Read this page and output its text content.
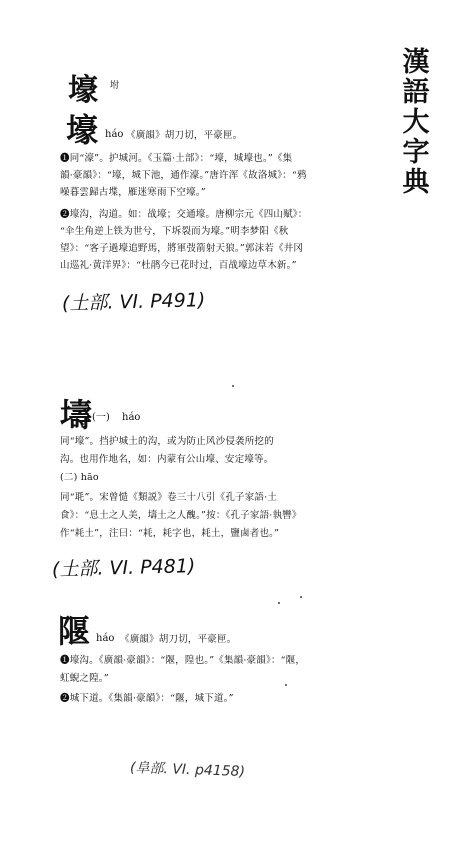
漢
語
大
字
典
壕 坿
壕 háo 《廣韻》胡刀切，平豪匣。
❶同“濠”。护城河。《玉篇·土部》：“壕，城壕也。”《集
韻·豪韻》：“壕，城下池，通作濠。”唐许浑《故洛城》：“鸦
噪暮雲歸古堞，雁迷寒雨下空壕。”
❷壕沟，沟道。如：战壕；交通壕。唐柳宗元《四山赋》：
“伞生角逆上铁为世兮，下坼裂而为壕。”明李梦阳《秋
望》：“客子過壕追野馬，將軍弢箭射天狼。”郭沫若《井冈
山巡礼·黄洋界》：“杜鹃今已花时过，百战壕边草木新。”
(土部. VI. P491)
壔 (一) háo
同“壕”。挡护城土的沟，或为防止风沙侵袭所挖的
沟。也用作地名，如：内蒙有公山壕、安定壕等。
(二) hāo
同“毦”。宋曾慥《類説》卷三十八引《孔子家語·土
食》：“息土之人美，壔土之人醜。”按：《孔子家語·執轡》
作“耗土”，注曰：“耗，耗字也，耗土，鹽鹵者也。”
(土部. VI. P481)
隁 háo 《廣韻》胡刀切，平豪匣。
❶壕沟。《廣韻·豪韻》：“隁，隍也。”《集韻·豪韻》：“隁，
虹蜺之隍。”
❷城下道。《集韻·豪韻》：“隁，城下道。”
(阜部. VI. p4158)
